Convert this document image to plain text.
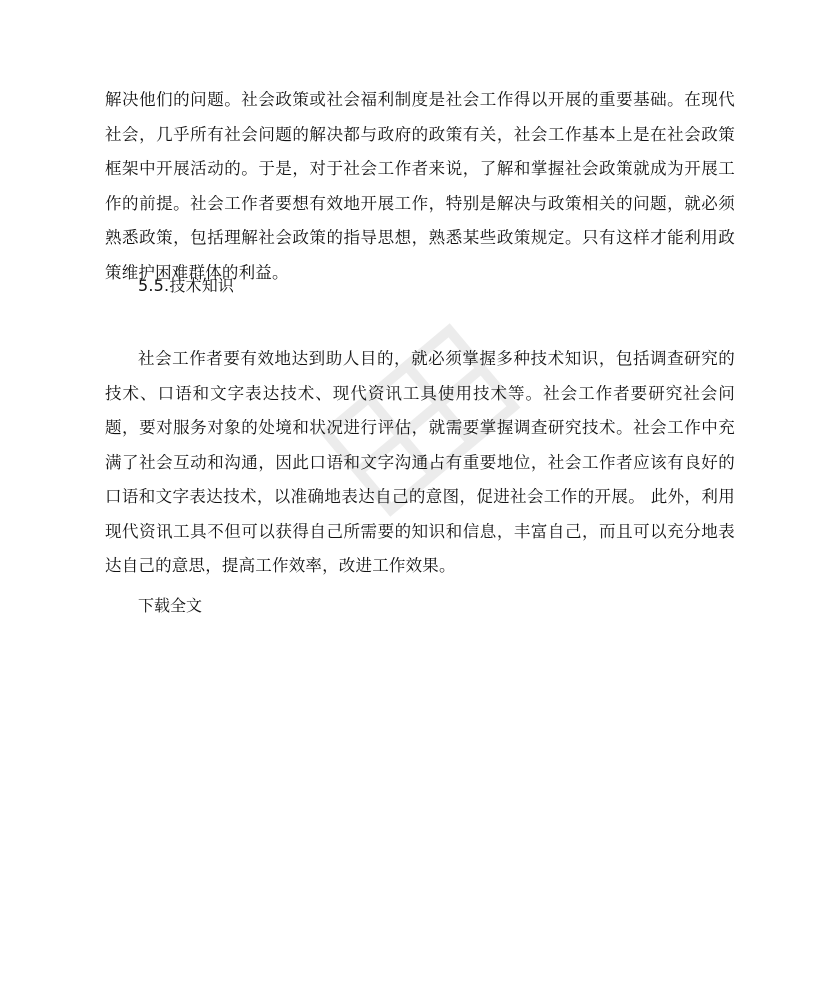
解决他们的问题。社会政策或社会福利制度是社会工作得以开展的重要基础。在现代社会，几乎所有社会问题的解决都与政府的政策有关，社会工作基本上是在社会政策框架中开展活动的。于是，对于社会工作者来说，了解和掌握社会政策就成为开展工作的前提。社会工作者要想有效地开展工作，特别是解决与政策相关的问题，就必须熟悉政策，包括理解社会政策的指导思想，熟悉某些政策规定。只有这样才能利用政策维护困难群体的利益。

5.5.技术知识

社会工作者要有效地达到助人目的，就必须掌握多种技术知识，包括调查研究的技术、口语和文字表达技术、现代资讯工具使用技术等。社会工作者要研究社会问题，要对服务对象的处境和状况进行评估，就需要掌握调查研究技术。社会工作中充满了社会互动和沟通，因此口语和文字沟通占有重要地位，社会工作者应该有良好的口语和文字表达技术，以准确地表达自己的意图，促进社会工作的开展。 此外，利用现代资讯工具不但可以获得自己所需要的知识和信息，丰富自己，而且可以充分地表达自己的意思，提高工作效率，改进工作效果。

下载全文
